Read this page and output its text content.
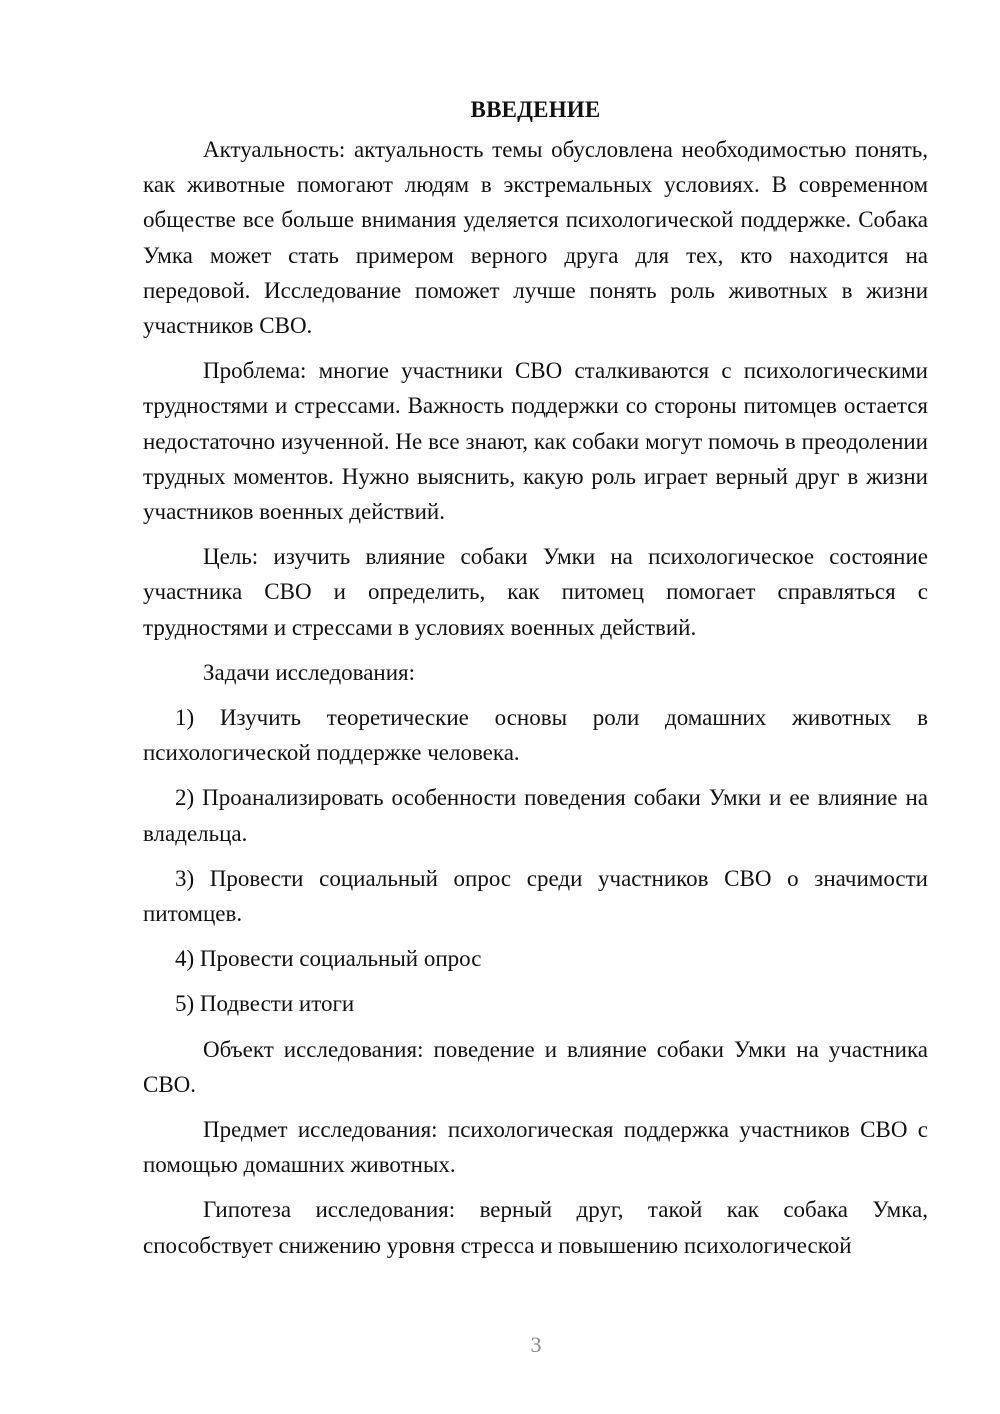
ВВЕДЕНИЕ

Актуальность: актуальность темы обусловлена необходимостью понять, как животные помогают людям в экстремальных условиях. В современном обществе все больше внимания уделяется психологической поддержке. Собака Умка может стать примером верного друга для тех, кто находится на передовой. Исследование поможет лучше понять роль животных в жизни участников СВО.

Проблема: многие участники СВО сталкиваются с психологическими трудностями и стрессами. Важность поддержки со стороны питомцев остается недостаточно изученной. Не все знают, как собаки могут помочь в преодолении трудных моментов. Нужно выяснить, какую роль играет верный друг в жизни участников военных действий.

Цель: изучить влияние собаки Умки на психологическое состояние участника СВО и определить, как питомец помогает справляться с трудностями и стрессами в условиях военных действий.

Задачи исследования:

1) Изучить теоретические основы роли домашних животных в психологической поддержке человека.

2) Проанализировать особенности поведения собаки Умки и ее влияние на владельца.

3) Провести социальный опрос среди участников СВО о значимости питомцев.

4) Провести социальный опрос

5) Подвести итоги

Объект исследования: поведение и влияние собаки Умки на участника СВО.

Предмет исследования: психологическая поддержка участников СВО с помощью домашних животных.

Гипотеза исследования: верный друг, такой как собака Умка, способствует снижению уровня стресса и повышению психологической

3
